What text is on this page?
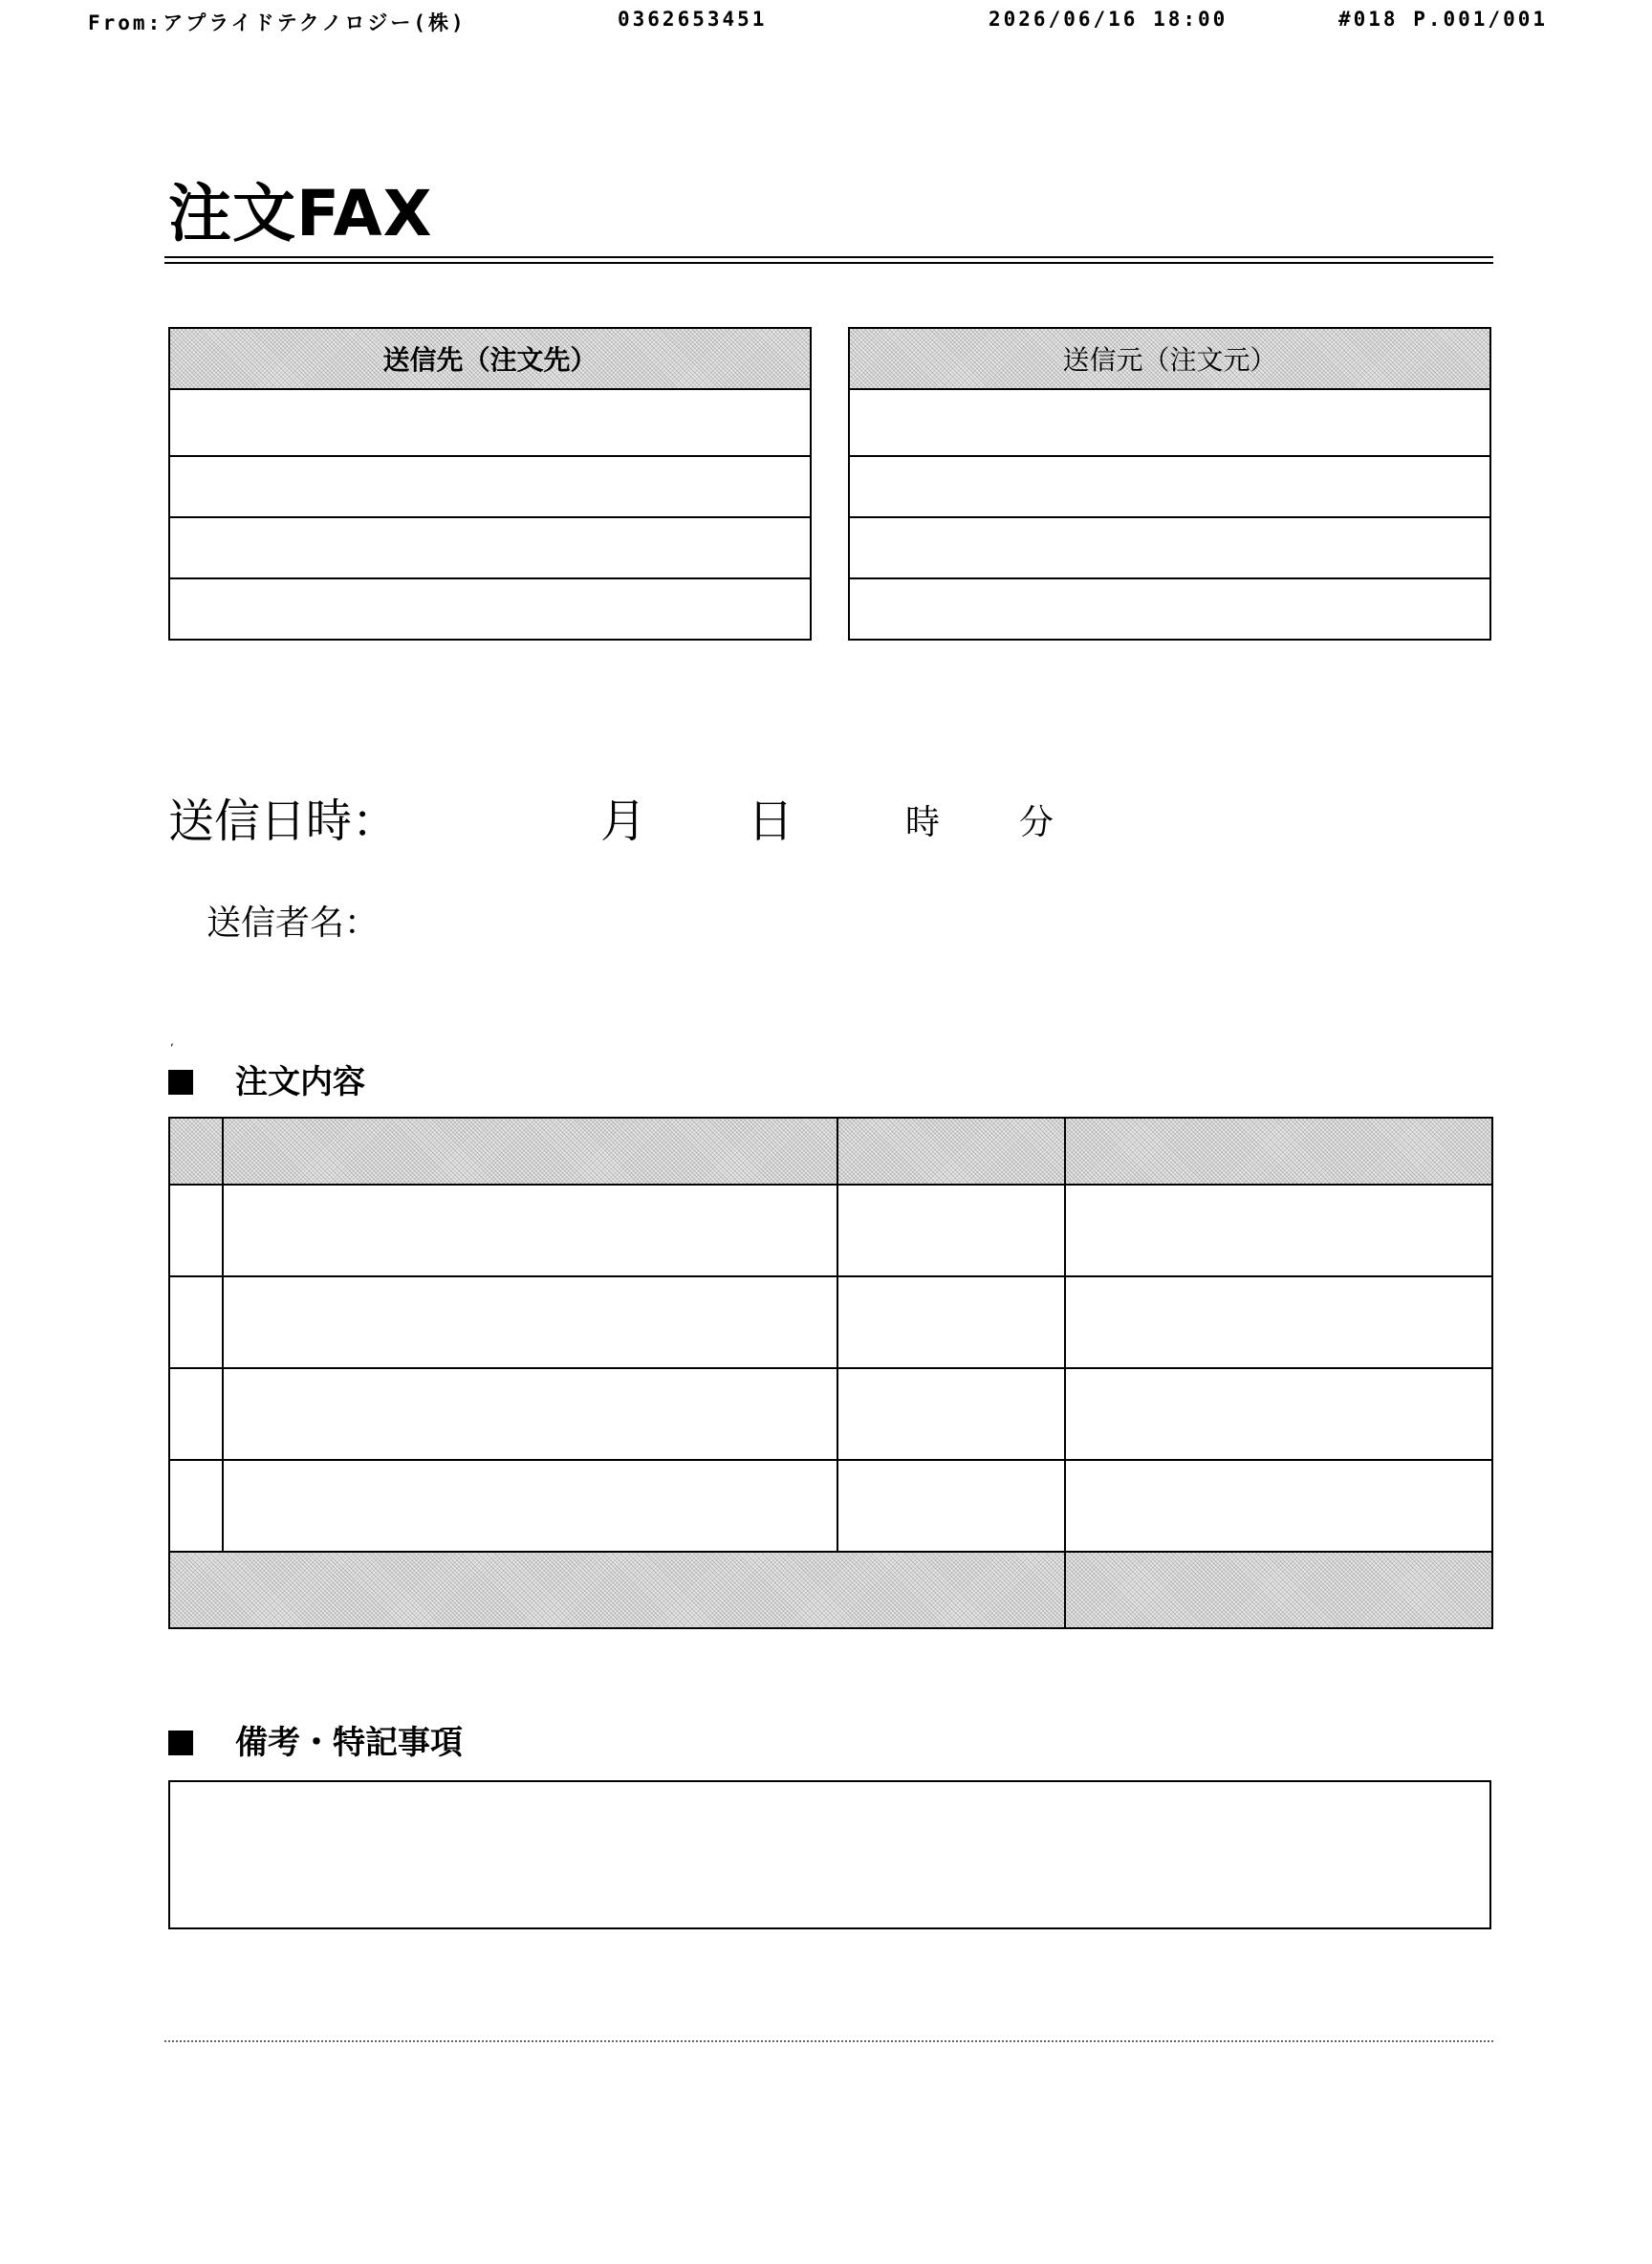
From:アプライドテクノロジー(株)	0362653451	2026/06/16 18:00	#018 P.001/001
注文FAX
送信先（注文先）	送信元（注文元）

送信日時：	月 日	時 分
送信者名：
,
注文内容

備考・特記事項
